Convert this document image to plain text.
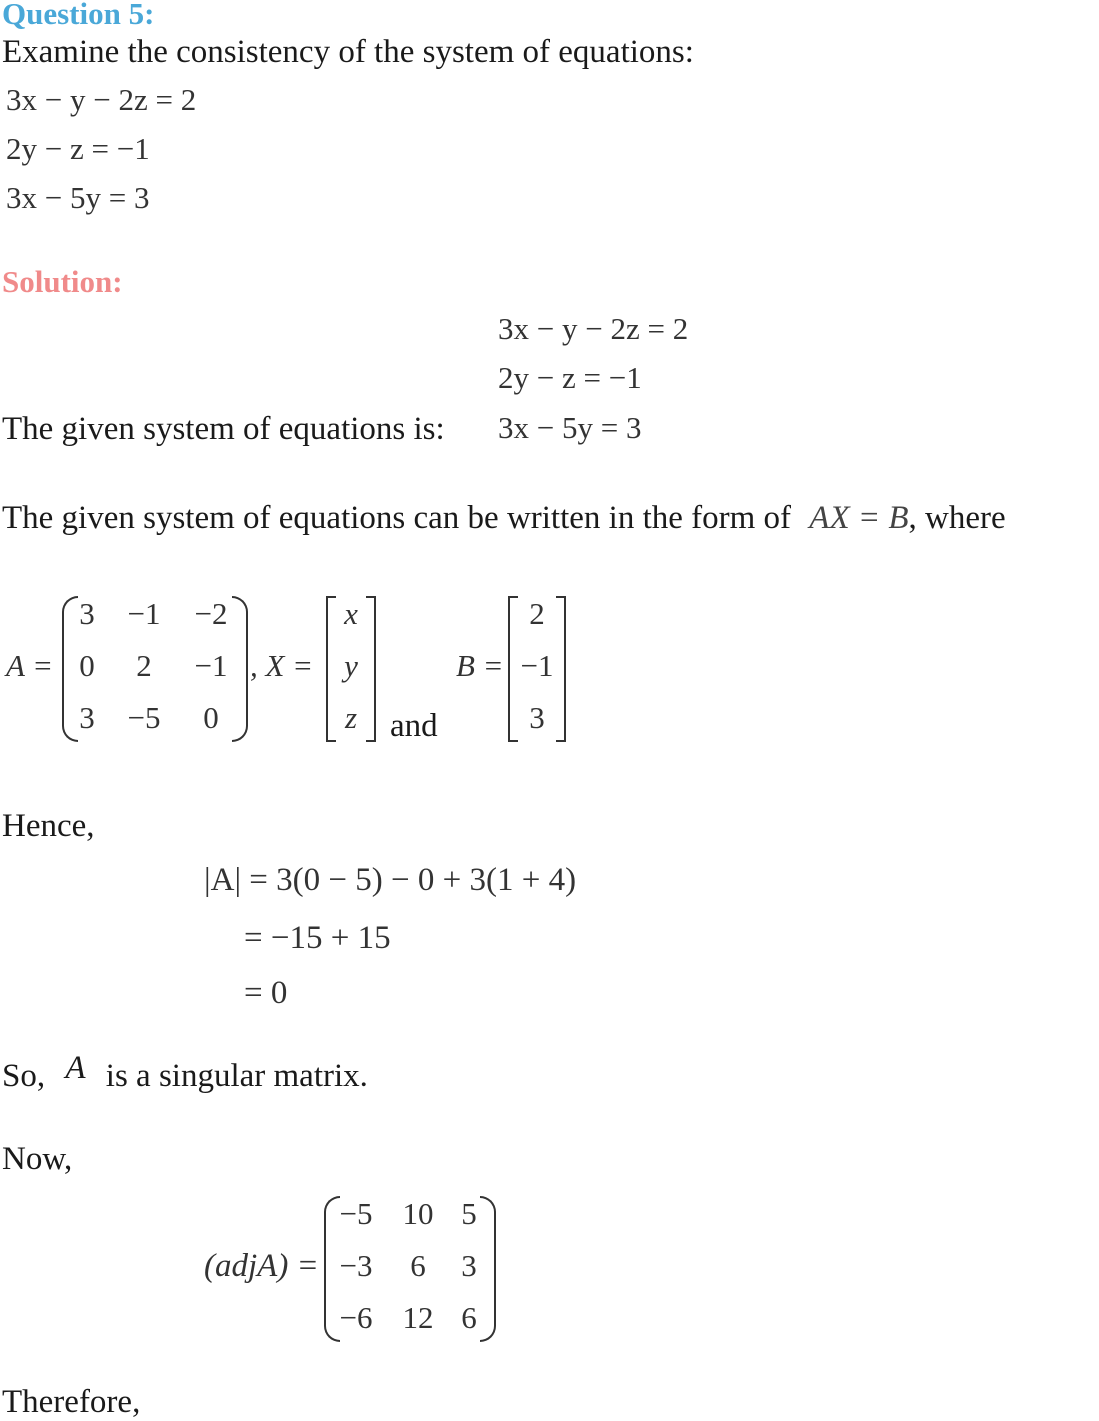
Question 5:
Examine the consistency of the system of equations:
3x − y − 2z = 2
2y − z = −1
3x − 5y = 3
Solution:
3x − y − 2z = 2
2y − z = −1
The given system of equations is: 3x − 5y = 3
The given system of equations can be written in the form of AX = B, where
A =
3 −1 −2
0	2	−1
3 −5	0
, X =
x
y
z and
B =
2
−1
3
Hence,
|A| = 3(0 − 5) − 0 + 3(1 + 4)
= −15 + 15
= 0
So, A is a singular matrix.
Now,
(adjA) =
−5 10 5
−3	6	3
−6 12 6
Therefore,
